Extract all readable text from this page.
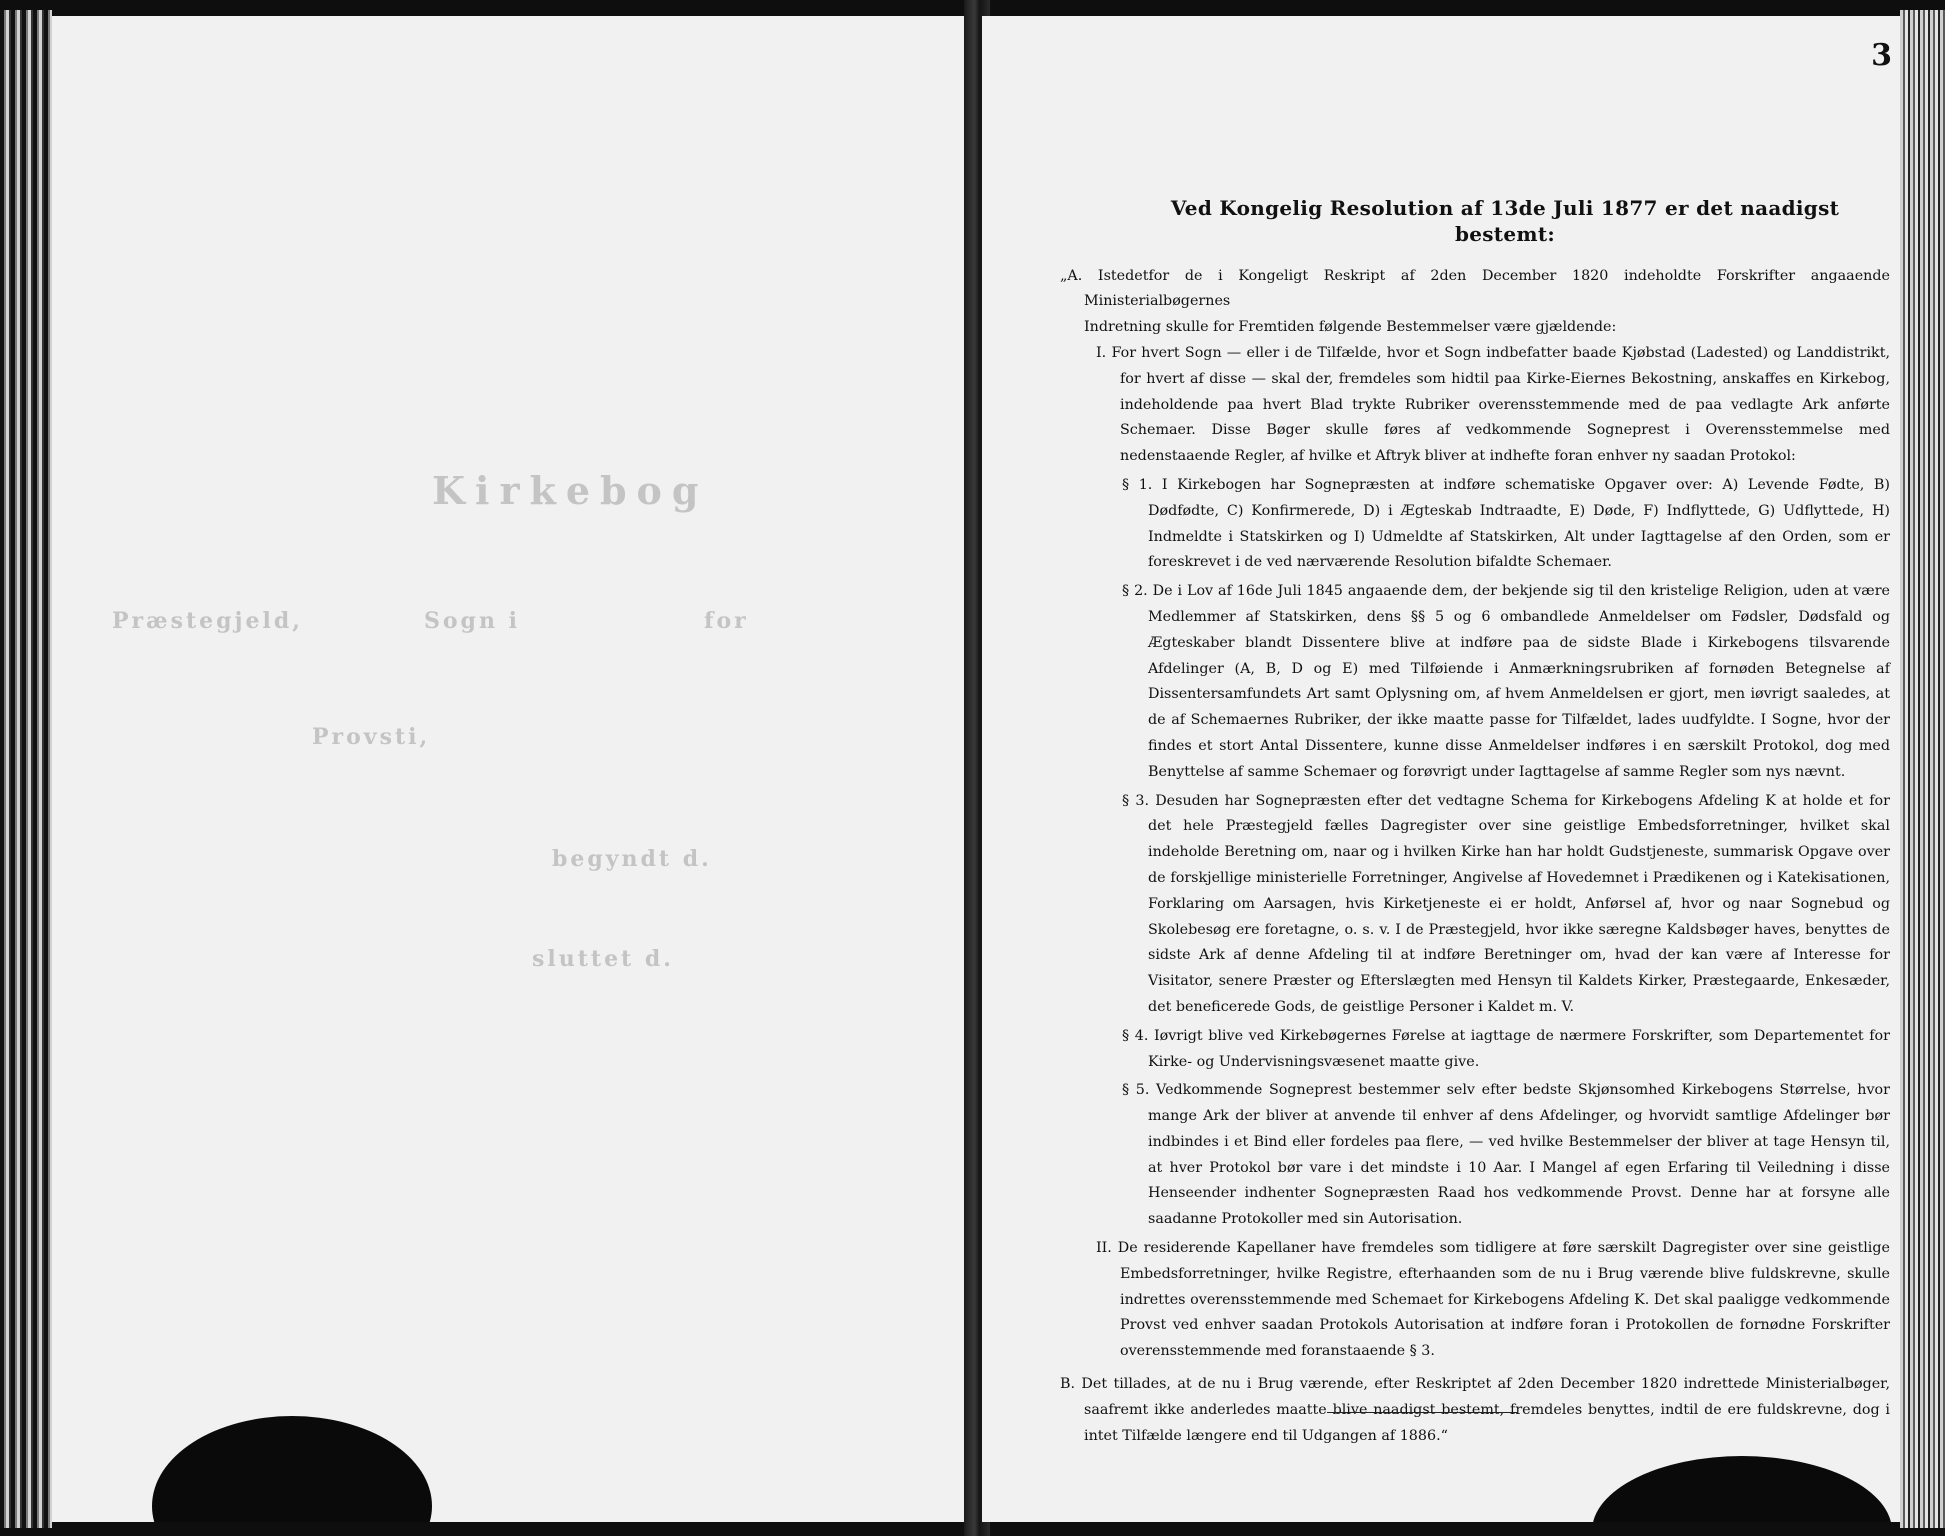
Kirkebog
for
Sogn i
Præstegjeld,
Provsti,
begyndt d.
sluttet d.
3
Ved Kongelig Resolution af 13de Juli 1877 er det naadigst bestemt:

„A. Istedetfor de i Kongeligt Reskript af 2den December 1820 indeholdte Forskrifter angaaende Ministerialbøgernes

Indretning skulle for Fremtiden følgende Bestemmelser være gjældende:

I. For hvert Sogn — eller i de Tilfælde, hvor et Sogn indbefatter baade Kjøbstad (Ladested) og Landdistrikt, for hvert af disse — skal der, fremdeles som hidtil paa Kirke-Eiernes Bekostning, anskaffes en Kirkebog, indeholdende paa hvert Blad trykte Rubriker overensstemmende med de paa vedlagte Ark anførte Schemaer. Disse Bøger skulle føres af vedkommende Sogneprest i Overensstemmelse med nedenstaaende Regler, af hvilke et Aftryk bliver at indhefte foran enhver ny saadan Protokol:

§ 1. I Kirkebogen har Sognepræsten at indføre schematiske Opgaver over: A) Levende Fødte, B) Dødfødte, C) Konfirmerede, D) i Ægteskab Indtraadte, E) Døde, F) Indflyttede, G) Udflyttede, H) Indmeldte i Statskirken og I) Udmeldte af Statskirken, Alt under Iagttagelse af den Orden, som er foreskrevet i de ved nærværende Resolution bifaldte Schemaer.

§ 2. De i Lov af 16de Juli 1845 angaaende dem, der bekjende sig til den kristelige Religion, uden at være Medlemmer af Statskirken, dens §§ 5 og 6 ombandlede Anmeldelser om Fødsler, Dødsfald og Ægteskaber blandt Dissentere blive at indføre paa de sidste Blade i Kirkebogens tilsvarende Afdelinger (A, B, D og E) med Tilføiende i Anmærkningsrubriken af fornøden Betegnelse af Dissentersamfundets Art samt Oplysning om, af hvem Anmeldelsen er gjort, men iøvrigt saaledes, at de af Schemaernes Rubriker, der ikke maatte passe for Tilfældet, lades uudfyldte. I Sogne, hvor der findes et stort Antal Dissentere, kunne disse Anmeldelser indføres i en særskilt Protokol, dog med Benyttelse af samme Schemaer og forøvrigt under Iagttagelse af samme Regler som nys nævnt.

§ 3. Desuden har Sognepræsten efter det vedtagne Schema for Kirkebogens Afdeling K at holde et for det hele Præstegjeld fælles Dagregister over sine geistlige Embedsforretninger, hvilket skal indeholde Beretning om, naar og i hvilken Kirke han har holdt Gudstjeneste, summarisk Opgave over de forskjellige ministerielle Forretninger, Angivelse af Hovedemnet i Prædikenen og i Katekisationen, Forklaring om Aarsagen, hvis Kirketjeneste ei er holdt, Anførsel af, hvor og naar Sognebud og Skolebesøg ere foretagne, o. s. v. I de Præstegjeld, hvor ikke særegne Kaldsbøger haves, benyttes de sidste Ark af denne Afdeling til at indføre Beretninger om, hvad der kan være af Interesse for Visitator, senere Præster og Efterslægten med Hensyn til Kaldets Kirker, Præstegaarde, Enkesæder, det beneficerede Gods, de geistlige Personer i Kaldet m. V.

§ 4. Iøvrigt blive ved Kirkebøgernes Førelse at iagttage de nærmere Forskrifter, som Departementet for Kirke- og Undervisningsvæsenet maatte give.

§ 5. Vedkommende Sogneprest bestemmer selv efter bedste Skjønsomhed Kirkebogens Størrelse, hvor mange Ark der bliver at anvende til enhver af dens Afdelinger, og hvorvidt samtlige Afdelinger bør indbindes i et Bind eller fordeles paa flere, — ved hvilke Bestemmelser der bliver at tage Hensyn til, at hver Protokol bør vare i det mindste i 10 Aar. I Mangel af egen Erfaring til Veiledning i disse Henseender indhenter Sognepræsten Raad hos vedkommende Provst. Denne har at forsyne alle saadanne Protokoller med sin Autorisation.

II. De residerende Kapellaner have fremdeles som tidligere at føre særskilt Dagregister over sine geistlige Embedsforretninger, hvilke Registre, efterhaanden som de nu i Brug værende blive fuldskrevne, skulle indrettes overensstemmende med Schemaet for Kirkebogens Afdeling K. Det skal paaligge vedkommende Provst ved enhver saadan Protokols Autorisation at indføre foran i Protokollen de fornødne Forskrifter overensstemmende med foranstaaende § 3.

B. Det tillades, at de nu i Brug værende, efter Reskriptet af 2den December 1820 indrettede Ministerialbøger, saafremt ikke anderledes maatte blive naadigst bestemt, fremdeles benyttes, indtil de ere fuldskrevne, dog i intet Tilfælde længere end til Udgangen af 1886.“
